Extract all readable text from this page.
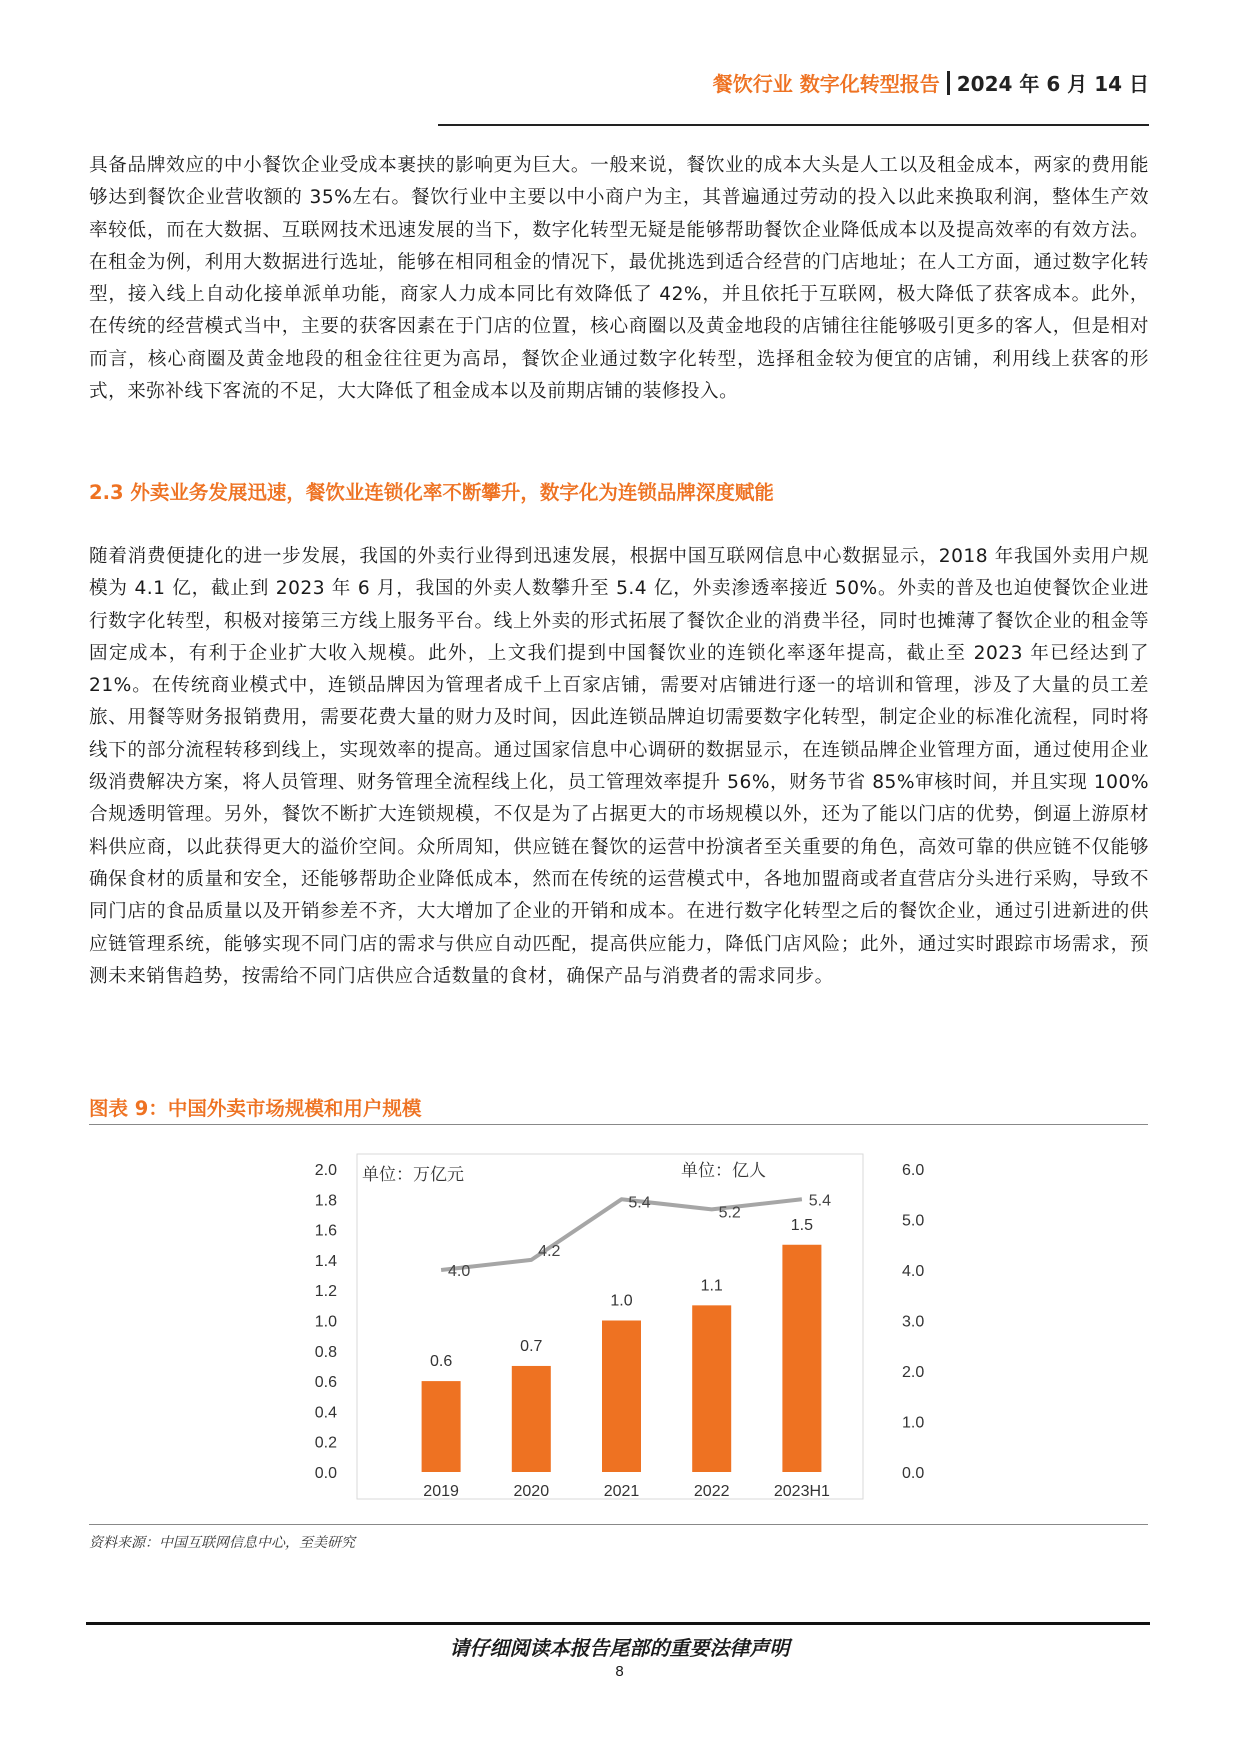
餐饮行业 数字化转型报告 2024 年 6 月 14 日
具备品牌效应的中小餐饮企业受成本裹挟的影响更为巨大。一般来说，餐饮业的成本大头是人工以及租金成本，两家的费用能够达到餐饮企业营收额的 35%左右。餐饮行业中主要以中小商户为主，其普遍通过劳动的投入以此来换取利润，整体生产效率较低，而在大数据、互联网技术迅速发展的当下，数字化转型无疑是能够帮助餐饮企业降低成本以及提高效率的有效方法。在租金为例，利用大数据进行选址，能够在相同租金的情况下，最优挑选到适合经营的门店地址；在人工方面，通过数字化转型，接入线上自动化接单派单功能，商家人力成本同比有效降低了 42%，并且依托于互联网，极大降低了获客成本。此外，在传统的经营模式当中，主要的获客因素在于门店的位置，核心商圈以及黄金地段的店铺往往能够吸引更多的客人，但是相对而言，核心商圈及黄金地段的租金往往更为高昂，餐饮企业通过数字化转型，选择租金较为便宜的店铺，利用线上获客的形式，来弥补线下客流的不足，大大降低了租金成本以及前期店铺的装修投入。
2.3 外卖业务发展迅速，餐饮业连锁化率不断攀升，数字化为连锁品牌深度赋能
随着消费便捷化的进一步发展，我国的外卖行业得到迅速发展，根据中国互联网信息中心数据显示，2018 年我国外卖用户规模为 4.1 亿，截止到 2023 年 6 月，我国的外卖人数攀升至 5.4 亿，外卖渗透率接近 50%。外卖的普及也迫使餐饮企业进行数字化转型，积极对接第三方线上服务平台。线上外卖的形式拓展了餐饮企业的消费半径，同时也摊薄了餐饮企业的租金等固定成本，有利于企业扩大收入规模。此外，上文我们提到中国餐饮业的连锁化率逐年提高，截止至 2023 年已经达到了 21%。在传统商业模式中，连锁品牌因为管理者成千上百家店铺，需要对店铺进行逐一的培训和管理，涉及了大量的员工差旅、用餐等财务报销费用，需要花费大量的财力及时间，因此连锁品牌迫切需要数字化转型，制定企业的标准化流程，同时将线下的部分流程转移到线上，实现效率的提高。通过国家信息中心调研的数据显示，在连锁品牌企业管理方面，通过使用企业级消费解决方案，将人员管理、财务管理全流程线上化，员工管理效率提升 56%，财务节省 85%审核时间，并且实现 100% 合规透明管理。另外，餐饮不断扩大连锁规模，不仅是为了占据更大的市场规模以外，还为了能以门店的优势，倒逼上游原材料供应商，以此获得更大的溢价空间。众所周知，供应链在餐饮的运营中扮演者至关重要的角色，高效可靠的供应链不仅能够确保食材的质量和安全，还能够帮助企业降低成本，然而在传统的运营模式中，各地加盟商或者直营店分头进行采购，导致不同门店的食品质量以及开销参差不齐，大大增加了企业的开销和成本。在进行数字化转型之后的餐饮企业，通过引进新进的供应链管理系统，能够实现不同门店的需求与供应自动匹配，提高供应能力，降低门店风险；此外，通过实时跟踪市场需求，预测未来销售趋势，按需给不同门店供应合适数量的食材，确保产品与消费者的需求同步。
图表 9：中国外卖市场规模和用户规模
0.0
0.2
0.4
0.6
0.8
1.0
1.2
1.4
1.6
1.8
2.0
0.0
1.0
2.0
3.0
4.0
5.0
6.0
单位：万亿元	单位：亿人
0.6
0.7
1.0
1.1
1.5
4.0
4.2
5.4
5.2
5.4
2019	2020	2021	2022	2023H1
资料来源：中国互联网信息中心，至美研究
请仔细阅读本报告尾部的重要法律声明
8
